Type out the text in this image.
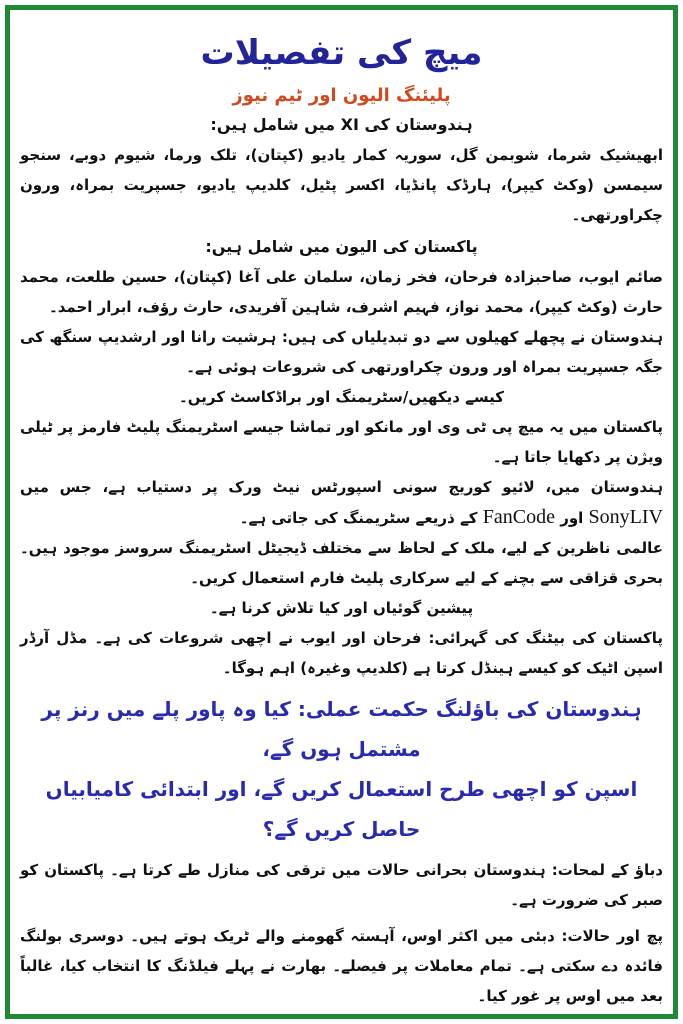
میچ کی تفصیلات
پلیئنگ الیون اور ٹیم نیوز
ہندوستان کی XI میں شامل ہیں:

ابھیشیک شرما، شوبمن گل، سوریہ کمار یادیو (کپتان)، تلک ورما، شیوم دوبے، سنجو سیمسن (وکٹ کیپر)، ہارڈک پانڈیا، اکسر پٹیل، کلدیپ یادیو، جسپریت بمراہ، ورون چکراورتھی۔

پاکستان کی الیون میں شامل ہیں:

صائم ایوب، صاحبزادہ فرحان، فخر زمان، سلمان علی آغا (کپتان)، حسین طلعت، محمد حارث (وکٹ کیپر)، محمد نواز، فہیم اشرف، شاہین آفریدی، حارث رؤف، ابرار احمد۔

ہندوستان نے پچھلے کھیلوں سے دو تبدیلیاں کی ہیں: ہرشیت رانا اور ارشدیپ سنگھ کی جگہ جسپریت بمراہ اور ورون چکراورتھی کی شروعات ہوئی ہے۔

کیسے دیکھیں/سٹریمنگ اور براڈکاسٹ کریں۔

پاکستان میں یہ میچ پی ٹی وی اور مانکو اور تماشا جیسے اسٹریمنگ پلیٹ فارمز پر ٹیلی ویژن پر دکھایا جاتا ہے۔

ہندوستان میں، لائیو کوریج سونی اسپورٹس نیٹ ورک پر دستیاب ہے، جس میں SonyLIV اور FanCode کے ذریعے سٹریمنگ کی جاتی ہے۔

عالمی ناظرین کے لیے، ملک کے لحاظ سے مختلف ڈیجیٹل اسٹریمنگ سروسز موجود ہیں۔ بحری قزاقی سے بچنے کے لیے سرکاری پلیٹ فارم استعمال کریں۔

پیشین گوئیاں اور کیا تلاش کرنا ہے۔

پاکستان کی بیٹنگ کی گہرائی: فرحان اور ایوب نے اچھی شروعات کی ہے۔ مڈل آرڈر اسپن اٹیک کو کیسے ہینڈل کرتا ہے (کلدیپ وغیرہ) اہم ہوگا۔

ہندوستان کی باؤلنگ حکمت عملی: کیا وہ پاور پلے میں رنز پر مشتمل ہوں گے،
اسپن کو اچھی طرح استعمال کریں گے، اور ابتدائی کامیابیاں حاصل کریں گے؟

دباؤ کے لمحات: ہندوستان بحرانی حالات میں ترقی کی منازل طے کرتا ہے۔ پاکستان کو صبر کی ضرورت ہے۔

پچ اور حالات: دبئی میں اکثر اوس، آہستہ گھومنے والے ٹریک ہوتے ہیں۔ دوسری بولنگ فائدہ دے سکتی ہے۔ تمام معاملات پر فیصلے۔ بھارت نے پہلے فیلڈنگ کا انتخاب کیا، غالباً بعد میں اوس پر غور کیا۔
